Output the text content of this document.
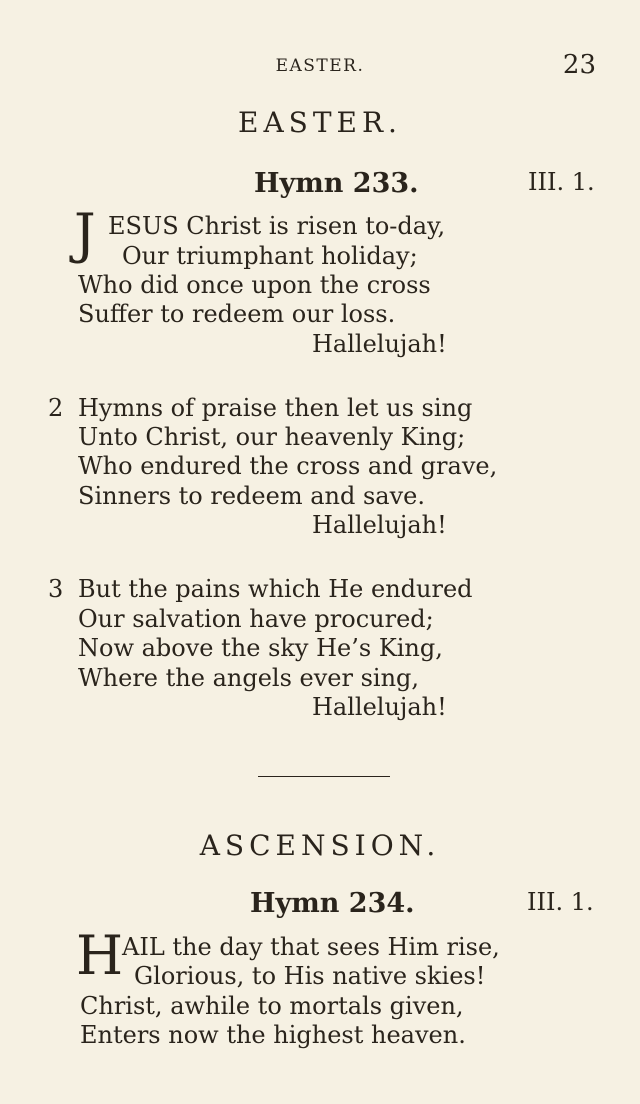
EASTER.	23
EASTER.
Hymn 233.	III. 1.
J ESUS Christ is risen to-day,
Our triumphant holiday;
Who did once upon the cross
Suffer to redeem our loss.
Hallelujah!
2 Hymns of praise then let us sing
Unto Christ, our heavenly King;
Who endured the cross and grave,
Sinners to redeem and save.
Hallelujah!
3 But the pains which He endured
Our salvation have procured;
Now above the sky He’s King,
Where the angels ever sing,
Hallelujah!
ASCENSION.
Hymn 234.	III. 1.
H
AIL the day that sees Him rise,
Glorious, to His native skies!
Christ, awhile to mortals given,
Enters now the highest heaven.
